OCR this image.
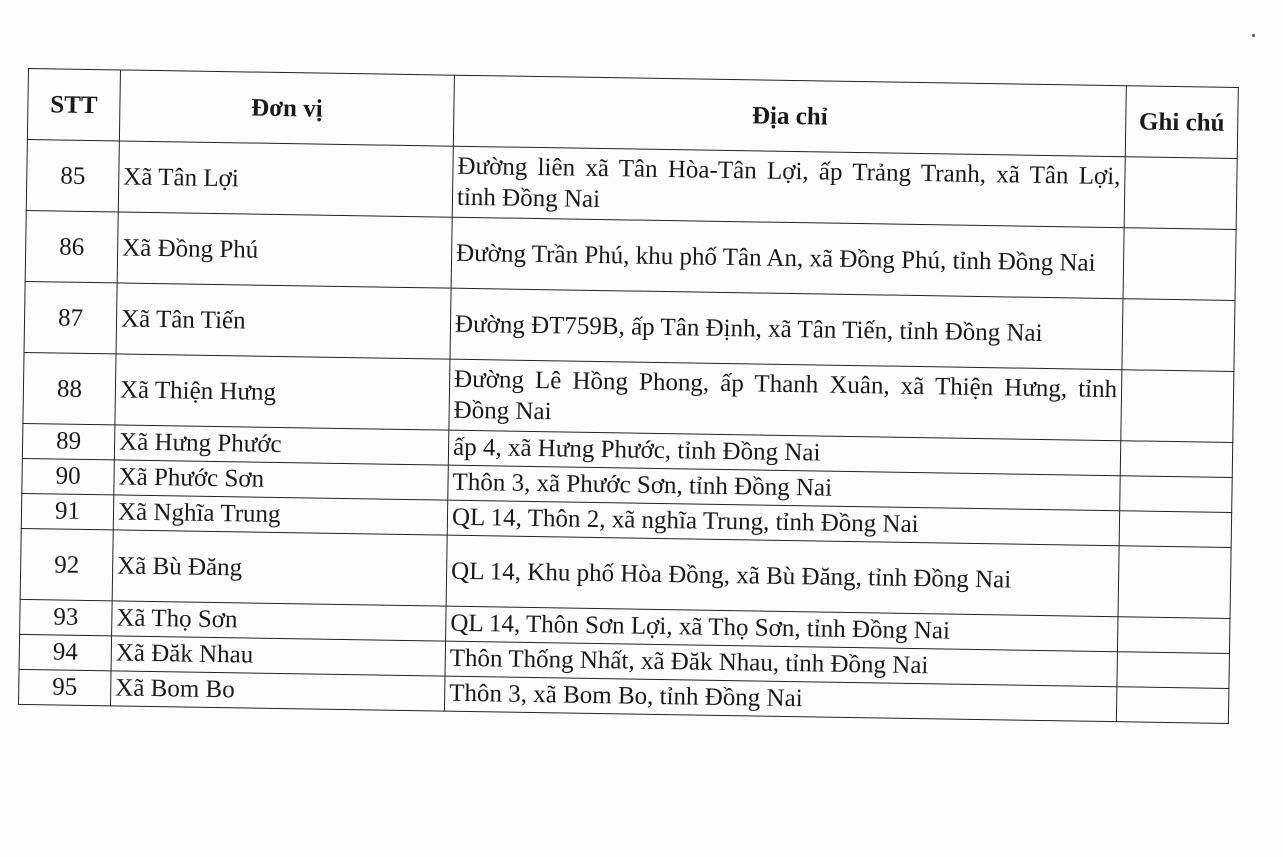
STT	Đơn vị	Địa chỉ	Ghi chú
85	Xã Tân Lợi	Đường liên xã Tân Hòa-Tân Lợi, ấp Trảng Tranh, xã Tân Lợi, tỉnh Đồng Nai	
86	Xã Đồng Phú	Đường Trần Phú, khu phố Tân An, xã Đồng Phú, tỉnh Đồng Nai	
87	Xã Tân Tiến	Đường ĐT759B, ấp Tân Định, xã Tân Tiến, tỉnh Đồng Nai	
88	Xã Thiện Hưng	Đường Lê Hồng Phong, ấp Thanh Xuân, xã Thiện Hưng, tỉnh Đồng Nai	
89	Xã Hưng Phước	ấp 4, xã Hưng Phước, tỉnh Đồng Nai	
90	Xã Phước Sơn	Thôn 3, xã Phước Sơn, tỉnh Đồng Nai	
91	Xã Nghĩa Trung	QL 14, Thôn 2, xã nghĩa Trung, tỉnh Đồng Nai	
92	Xã Bù Đăng	QL 14, Khu phố Hòa Đồng, xã Bù Đăng, tỉnh Đồng Nai	
93	Xã Thọ Sơn	QL 14, Thôn Sơn Lợi, xã Thọ Sơn, tỉnh Đồng Nai	
94	Xã Đăk Nhau	Thôn Thống Nhất, xã Đăk Nhau, tỉnh Đồng Nai	
95	Xã Bom Bo	Thôn 3, xã Bom Bo, tỉnh Đồng Nai	
